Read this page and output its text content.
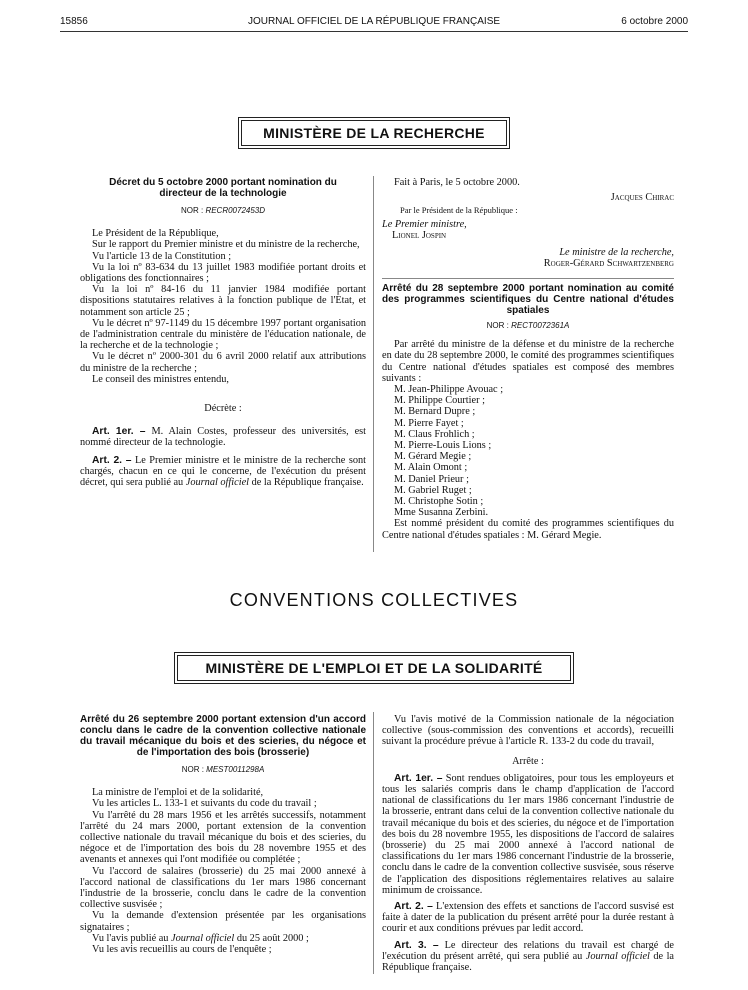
15856	JOURNAL OFFICIEL DE LA RÉPUBLIQUE FRANÇAISE	6 octobre 2000
MINISTÈRE DE LA RECHERCHE

Décret du 5 octobre 2000 portant nomination du directeur de la technologie

NOR : RECR0072453D

Le Président de la République,

Sur le rapport du Premier ministre et du ministre de la recherche,

Vu l'article 13 de la Constitution ;

Vu la loi nº 83-634 du 13 juillet 1983 modifiée portant droits et obligations des fonctionnaires ;

Vu la loi nº 84-16 du 11 janvier 1984 modifiée portant dispositions statutaires relatives à la fonction publique de l'Etat, et notamment son article 25 ;

Vu le décret nº 97-1149 du 15 décembre 1997 portant organisation de l'administration centrale du ministère de l'éducation nationale, de la recherche et de la technologie ;

Vu le décret nº 2000-301 du 6 avril 2000 relatif aux attributions du ministre de la recherche ;

Le conseil des ministres entendu,

Décrète :

Art. 1er. – M. Alain Costes, professeur des universités, est nommé directeur de la technologie.

Art. 2. – Le Premier ministre et le ministre de la recherche sont chargés, chacun en ce qui le concerne, de l'exécution du présent décret, qui sera publié au Journal officiel de la République française.

Fait à Paris, le 5 octobre 2000.

Jacques Chirac

Par le Président de la République :

Le Premier ministre,

Lionel Jospin

Le ministre de la recherche,

Roger-Gérard Schwartzenberg

Arrêté du 28 septembre 2000 portant nomination au comité des programmes scientifiques du Centre national d'études spatiales

NOR : RECT0072361A

Par arrêté du ministre de la défense et du ministre de la recherche en date du 28 septembre 2000, le comité des programmes scientifiques du Centre national d'études spatiales est composé des membres suivants :

M. Jean-Philippe Avouac ;

M. Philippe Courtier ;

M. Bernard Dupre ;

M. Pierre Fayet ;

M. Claus Frohlich ;

M. Pierre-Louis Lions ;

M. Gérard Megie ;

M. Alain Omont ;

M. Daniel Prieur ;

M. Gabriel Ruget ;

M. Christophe Sotin ;

Mme Susanna Zerbini.

Est nommé président du comité des programmes scientifiques du Centre national d'études spatiales : M. Gérard Megie.

CONVENTIONS COLLECTIVES
MINISTÈRE DE L'EMPLOI ET DE LA SOLIDARITÉ

Arrêté du 26 septembre 2000 portant extension d'un accord conclu dans le cadre de la convention collective nationale du travail mécanique du bois et des scieries, du négoce et de l'importation des bois (brosserie)

NOR : MEST0011298A

La ministre de l'emploi et de la solidarité,

Vu les articles L. 133-1 et suivants du code du travail ;

Vu l'arrêté du 28 mars 1956 et les arrêtés successifs, notamment l'arrêté du 24 mars 2000, portant extension de la convention collective nationale du travail mécanique du bois et des scieries, du négoce et de l'importation des bois du 28 novembre 1955 et des avenants et annexes qui l'ont modifiée ou complétée ;

Vu l'accord de salaires (brosserie) du 25 mai 2000 annexé à l'accord national de classifications du 1er mars 1986 concernant l'industrie de la brosserie, conclu dans le cadre de la convention collective susvisée ;

Vu la demande d'extension présentée par les organisations signataires ;

Vu l'avis publié au Journal officiel du 25 août 2000 ;

Vu les avis recueillis au cours de l'enquête ;

Vu l'avis motivé de la Commission nationale de la négociation collective (sous-commission des conventions et accords), recueilli suivant la procédure prévue à l'article R. 133-2 du code du travail,

Arrête :

Art. 1er. – Sont rendues obligatoires, pour tous les employeurs et tous les salariés compris dans le champ d'application de l'accord national de classifications du 1er mars 1986 concernant l'industrie de la brosserie, entrant dans celui de la convention collective nationale du travail mécanique du bois et des scieries, du négoce et de l'importation des bois du 28 novembre 1955, les dispositions de l'accord de salaires (brosserie) du 25 mai 2000 annexé à l'accord national de classifications du 1er mars 1986 concernant l'industrie de la brosserie, conclu dans le cadre de la convention collective susvisée, sous réserve de l'application des dispositions réglementaires relatives au salaire minimum de croissance.

Art. 2. – L'extension des effets et sanctions de l'accord susvisé est faite à dater de la publication du présent arrêté pour la durée restant à courir et aux conditions prévues par ledit accord.

Art. 3. – Le directeur des relations du travail est chargé de l'exécution du présent arrêté, qui sera publié au Journal officiel de la République française.
